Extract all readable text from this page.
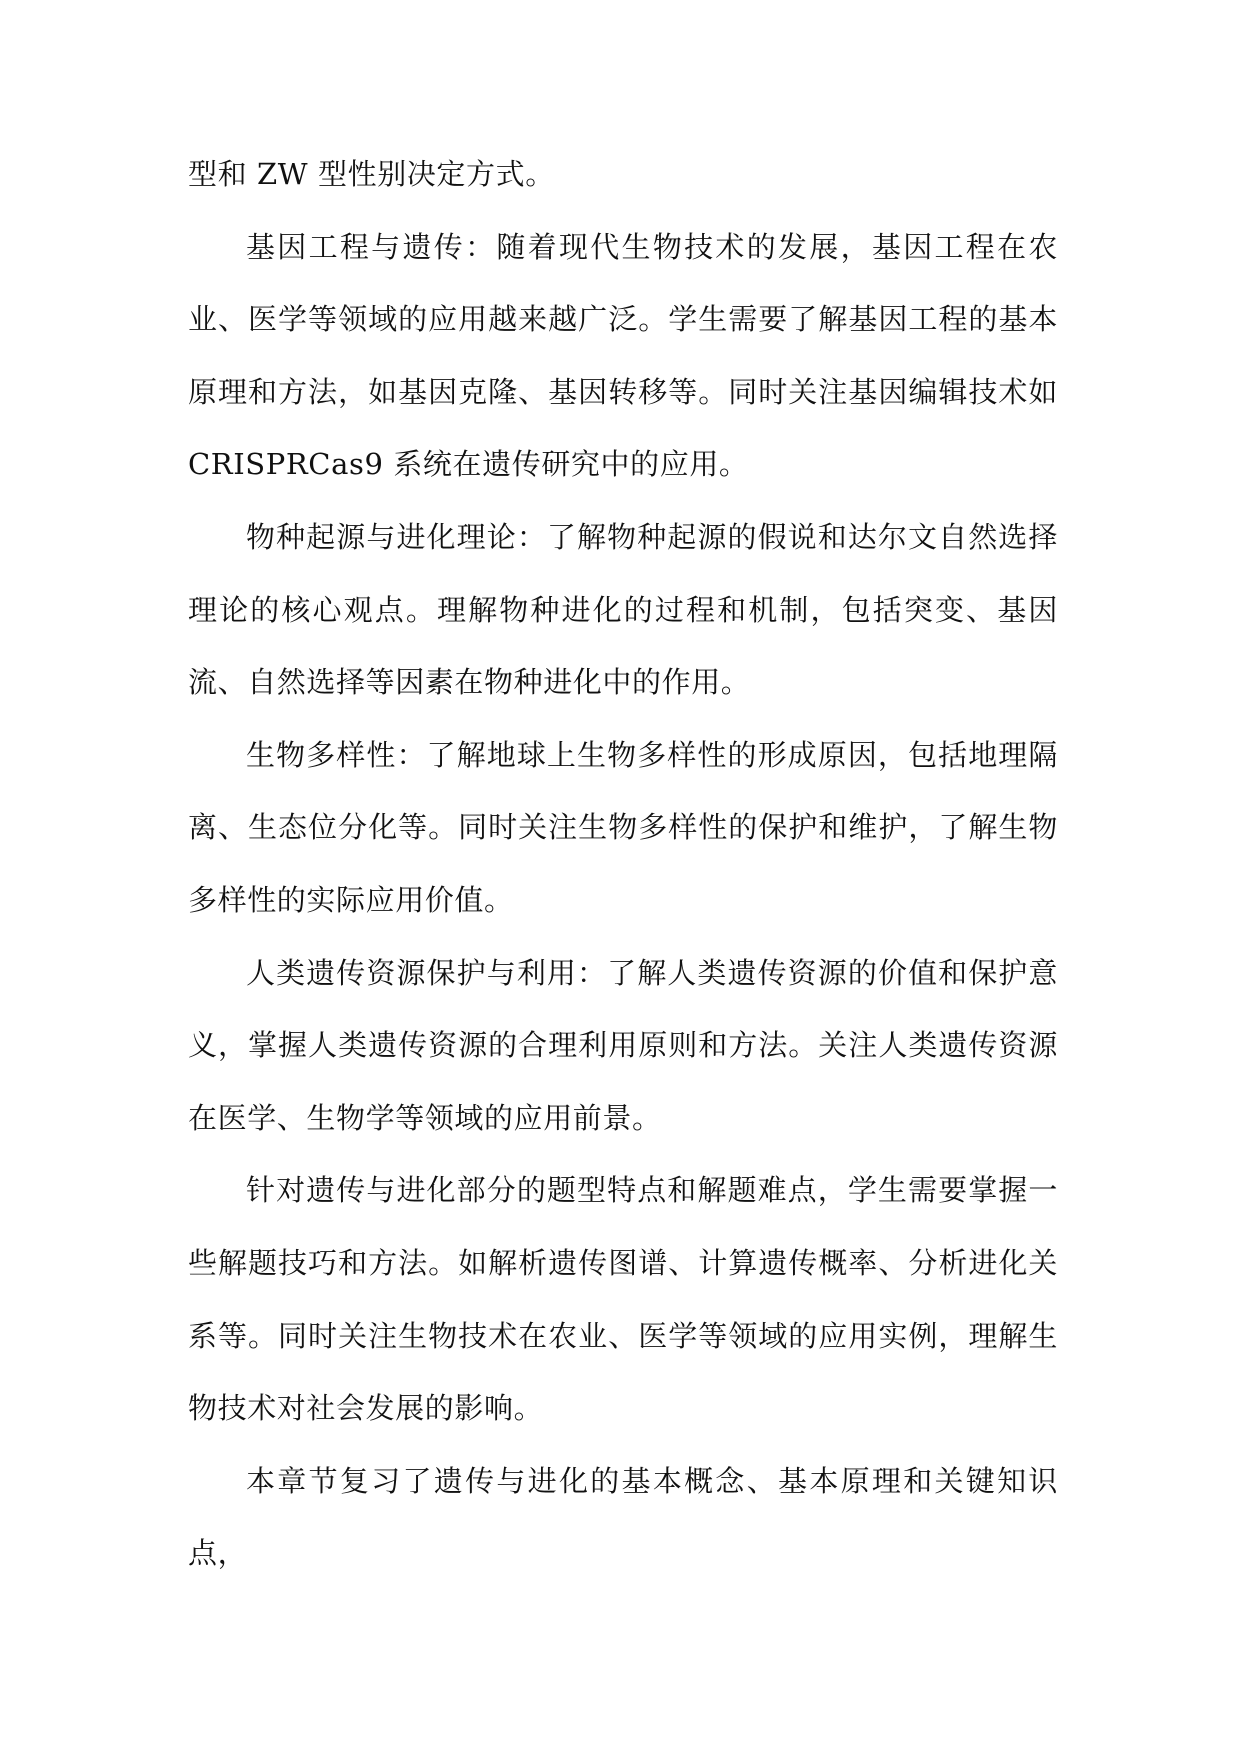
型和 ZW 型性别决定方式。

基因工程与遗传：随着现代生物技术的发展，基因工程在农业、医学等领域的应用越来越广泛。学生需要了解基因工程的基本原理和方法，如基因克隆、基因转移等。同时关注基因编辑技术如 CRISPRCas9 系统在遗传研究中的应用。

物种起源与进化理论：了解物种起源的假说和达尔文自然选择理论的核心观点。理解物种进化的过程和机制，包括突变、基因流、自然选择等因素在物种进化中的作用。

生物多样性：了解地球上生物多样性的形成原因，包括地理隔离、生态位分化等。同时关注生物多样性的保护和维护，了解生物多样性的实际应用价值。

人类遗传资源保护与利用：了解人类遗传资源的价值和保护意义，掌握人类遗传资源的合理利用原则和方法。关注人类遗传资源在医学、生物学等领域的应用前景。

针对遗传与进化部分的题型特点和解题难点，学生需要掌握一些解题技巧和方法。如解析遗传图谱、计算遗传概率、分析进化关系等。同时关注生物技术在农业、医学等领域的应用实例，理解生物技术对社会发展的影响。

本章节复习了遗传与进化的基本概念、基本原理和关键知识点，
